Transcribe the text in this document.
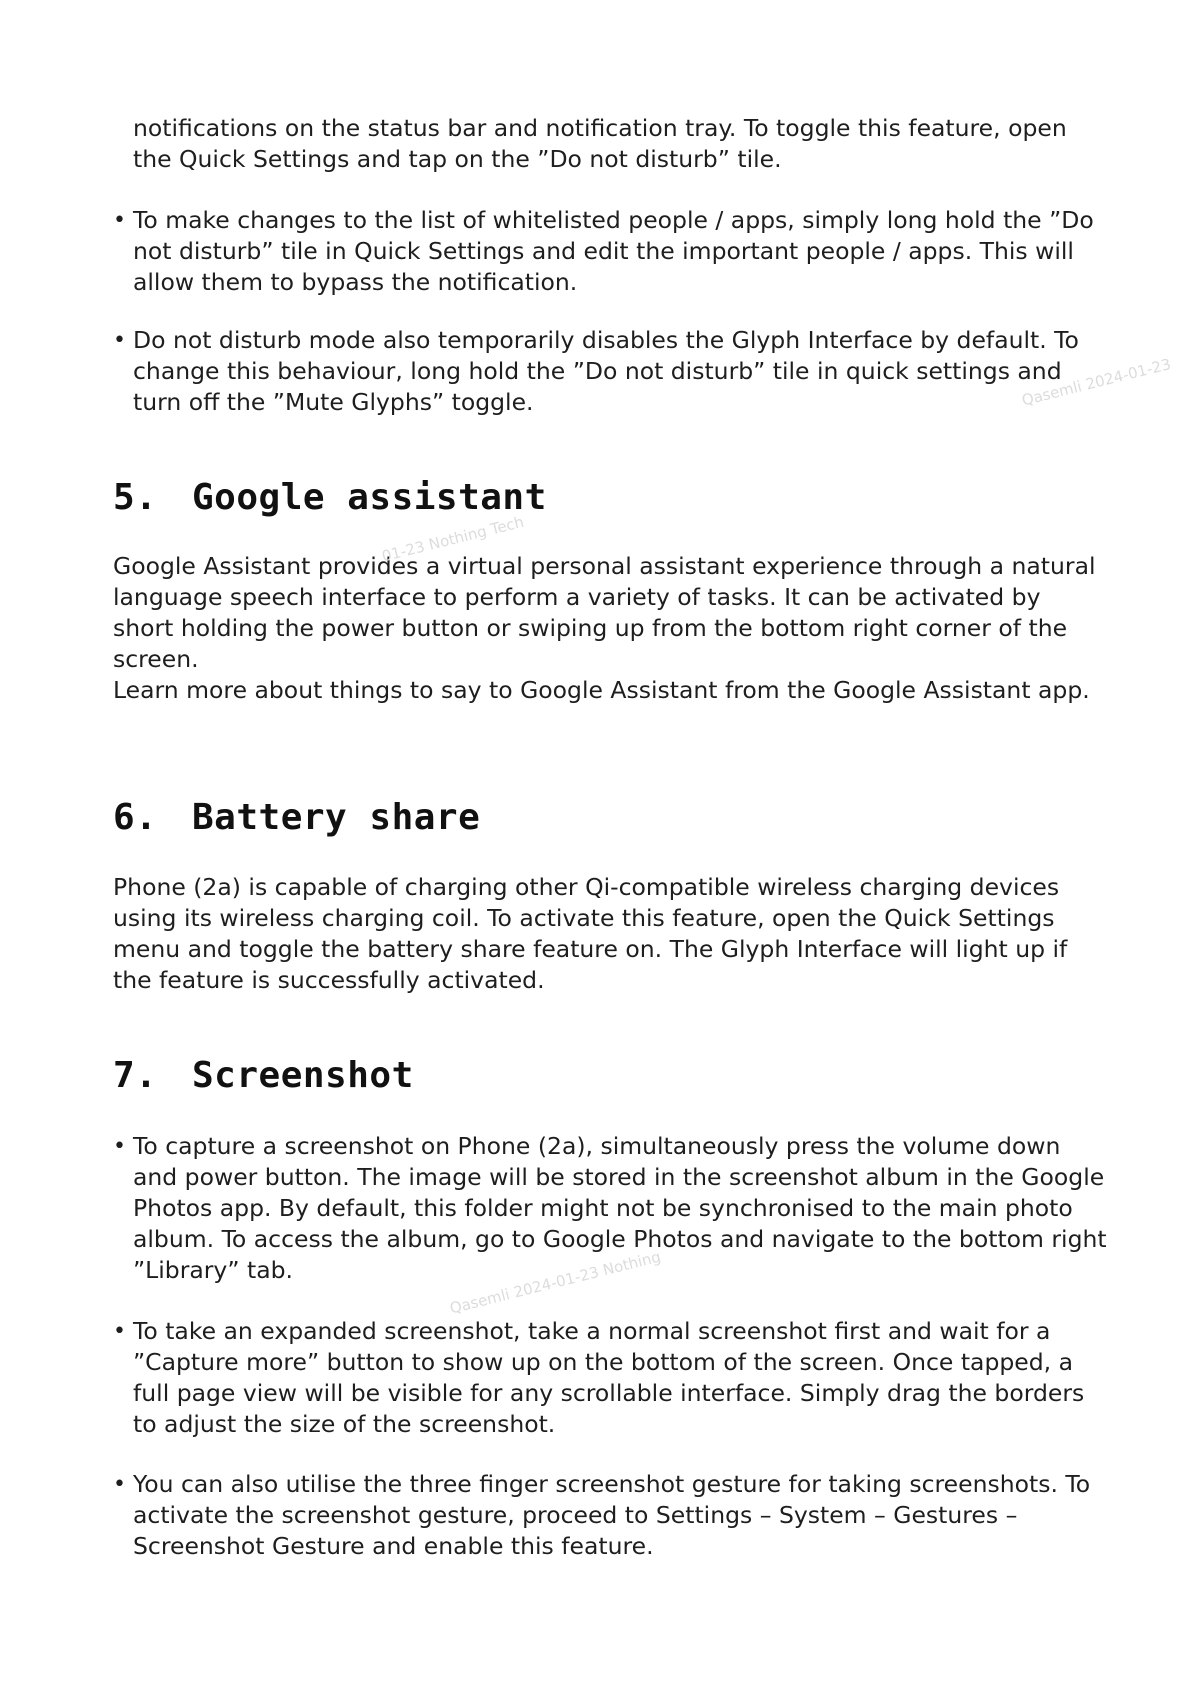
notifications on the status bar and notification tray. To toggle this feature, open the Quick Settings and tap on the ”Do not disturb” tile.

• To make changes to the list of whitelisted people / apps, simply long hold the ”Do not disturb” tile in Quick Settings and edit the important people / apps. This will allow them to bypass the notification.

• Do not disturb mode also temporarily disables the Glyph Interface by default. To change this behaviour, long hold the ”Do not disturb” tile in quick settings and turn off the ”Mute Glyphs” toggle.

5. Google assistant

Google Assistant provides a virtual personal assistant experience through a natural language speech interface to perform a variety of tasks. It can be activated by short holding the power button or swiping up from the bottom right corner of the screen.

Learn more about things to say to Google Assistant from the Google Assistant app.

6. Battery share

Phone (2a) is capable of charging other Qi-compatible wireless charging devices using its wireless charging coil. To activate this feature, open the Quick Settings menu and toggle the battery share feature on. The Glyph Interface will light up if the feature is successfully activated.

7. Screenshot
• To capture a screenshot on Phone (2a), simultaneously press the volume down and power button. The image will be stored in the screenshot album in the Google Photos app. By default, this folder might not be synchronised to the main photo album. To access the album, go to Google Photos and navigate to the bottom right ”Library” tab.

• To take an expanded screenshot, take a normal screenshot first and wait for a ”Capture more” button to show up on the bottom of the screen. Once tapped, a full page view will be visible for any scrollable interface. Simply drag the borders to adjust the size of the screenshot.

• You can also utilise the three finger screenshot gesture for taking screenshots. To activate the screenshot gesture, proceed to Settings – System – Gestures – Screenshot Gesture and enable this feature.

Qasemli 2024-01-23
01-23 Nothing Tech
Qasemli 2024-01-23 Nothing
